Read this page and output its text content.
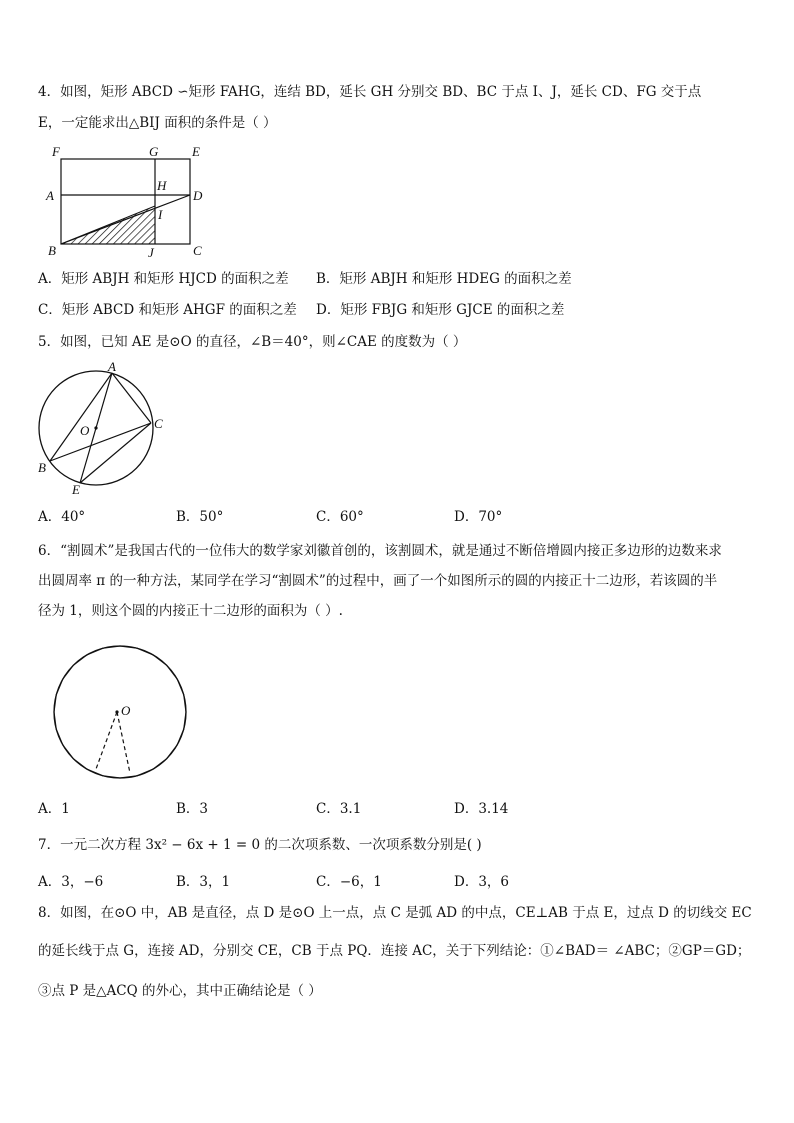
4．如图，矩形 ABCD ∽矩形 FAHG，连结 BD，延长 GH 分别交 BD、BC 于点 I、J，延长 CD、FG 交于点
E，一定能求出△BIJ 面积的条件是（ ）
F	G	E
A
H
D
I
B	J	C
A．矩形 ABJH 和矩形 HJCD 的面积之差 B．矩形 ABJH 和矩形 HDEG 的面积之差
C．矩形 ABCD 和矩形 AHGF 的面积之差 D．矩形 FBJG 和矩形 GJCE 的面积之差
5．如图，已知 AE 是⊙O 的直径，∠B＝40°，则∠CAE 的度数为（ ）
A
O	C
B
E
A．40°	B．50°	C．60°	D．70°
6．“割圆术”是我国古代的一位伟大的数学家刘徽首创的，该割圆术，就是通过不断倍增圆内接正多边形的边数来求
出圆周率 π 的一种方法，某同学在学习“割圆术”的过程中，画了一个如图所示的圆的内接正十二边形，若该圆的半
径为 1，则这个圆的内接正十二边形的面积为（ ）.
O
A．1	B．3	C．3.1	D．3.14
7．一元二次方程 3x² − 6x + 1 = 0 的二次项系数、一次项系数分别是( )
A．3，−6	B．3，1	C．−6，1	D．3，6
8．如图，在⊙O 中，AB 是直径，点 D 是⊙O 上一点，点 C 是弧 AD 的中点，CE⊥AB 于点 E，过点 D 的切线交 EC
的延长线于点 G，连接 AD，分别交 CE，CB 于点 PQ．连接 AC，关于下列结论：①∠BAD＝ ∠ABC；②GP＝GD；
③点 P 是△ACQ 的外心，其中正确结论是（ ）
